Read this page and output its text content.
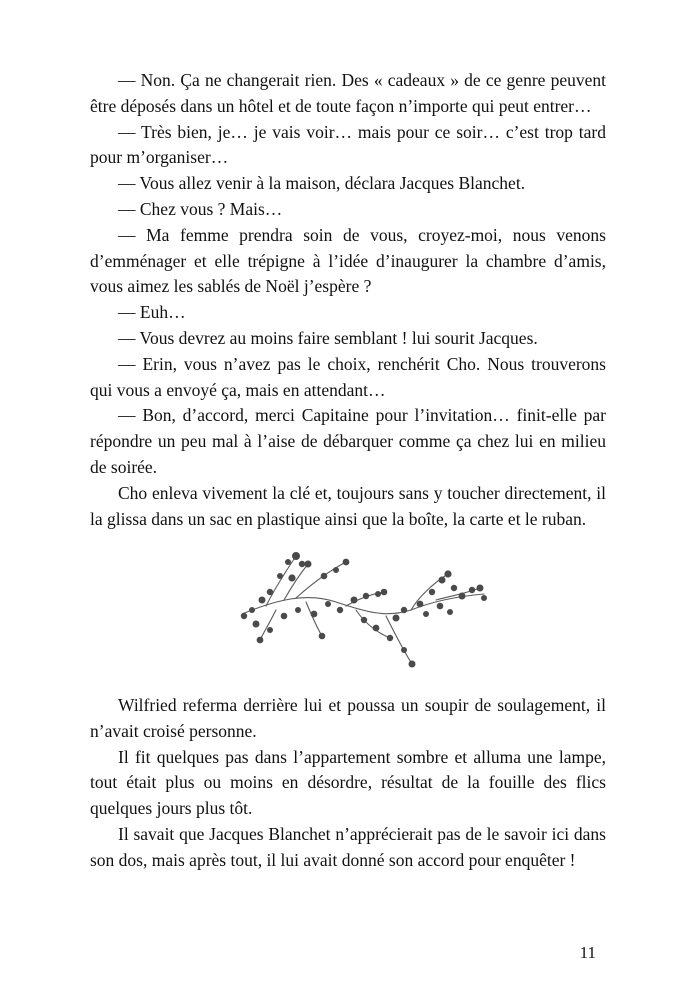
— Non. Ça ne changerait rien. Des « cadeaux » de ce genre peuvent être déposés dans un hôtel et de toute façon n’importe qui peut entrer…

— Très bien, je… je vais voir… mais pour ce soir… c’est trop tard pour m’organiser…

— Vous allez venir à la maison, déclara Jacques Blanchet.

— Chez vous ? Mais…

— Ma femme prendra soin de vous, croyez-moi, nous venons d’emménager et elle trépigne à l’idée d’inaugurer la chambre d’amis, vous aimez les sablés de Noël j’espère ?

— Euh…

— Vous devrez au moins faire semblant ! lui sourit Jacques.

— Erin, vous n’avez pas le choix, renchérit Cho. Nous trouverons qui vous a envoyé ça, mais en attendant…

— Bon, d’accord, merci Capitaine pour l’invitation… finit-elle par répondre un peu mal à l’aise de débarquer comme ça chez lui en milieu de soirée.

Cho enleva vivement la clé et, toujours sans y toucher directement, il la glissa dans un sac en plastique ainsi que la boîte, la carte et le ruban.

Wilfried referma derrière lui et poussa un soupir de soulagement, il n’avait croisé personne.

Il fit quelques pas dans l’appartement sombre et alluma une lampe, tout était plus ou moins en désordre, résultat de la fouille des flics quelques jours plus tôt.

Il savait que Jacques Blanchet n’apprécierait pas de le savoir ici dans son dos, mais après tout, il lui avait donné son accord pour enquêter !

11
